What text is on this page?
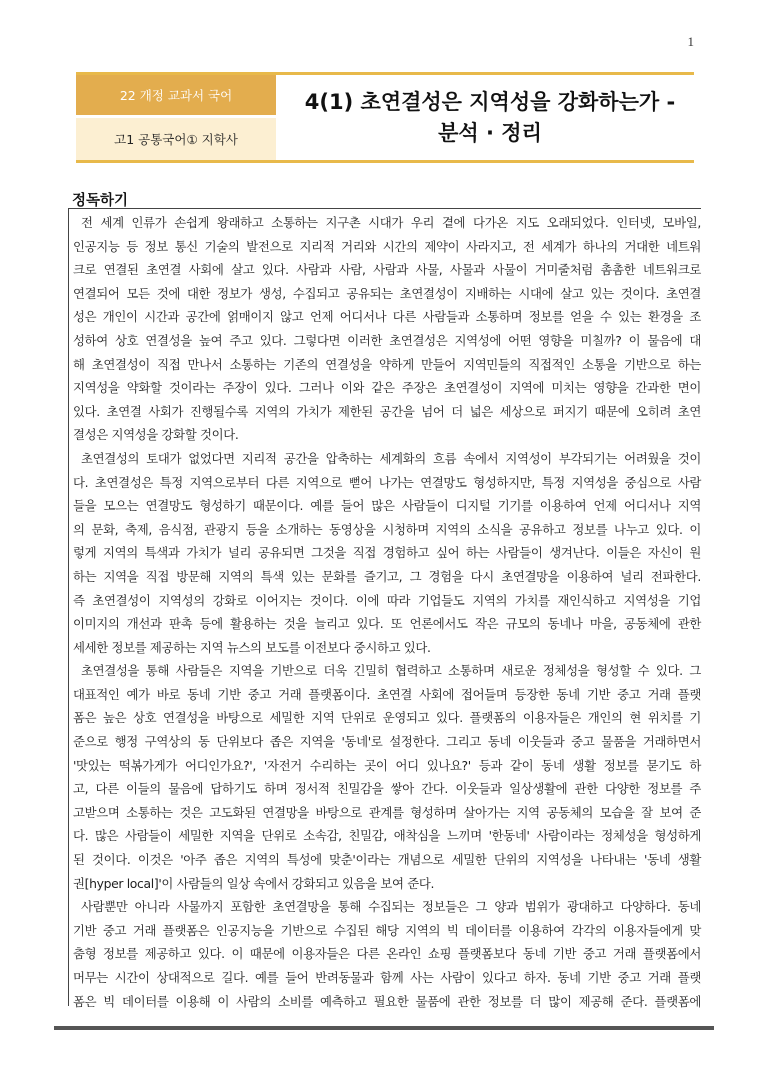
1
22 개정 교과서 국어
고1 공통국어① 지학사
4(1) 초연결성은 지역성을 강화하는가 -
분석 · 정리
정독하기
전 세계 인류가 손쉽게 왕래하고 소통하는 지구촌 시대가 우리 곁에 다가온 지도 오래되었다. 인터넷, 모바일,
인공지능 등 정보 통신 기술의 발전으로 지리적 거리와 시간의 제약이 사라지고, 전 세계가 하나의 거대한 네트워
크로 연결된 초연결 사회에 살고 있다. 사람과 사람, 사람과 사물, 사물과 사물이 거미줄처럼 촘촘한 네트워크로
연결되어 모든 것에 대한 정보가 생성, 수집되고 공유되는 초연결성이 지배하는 시대에 살고 있는 것이다. 초연결
성은 개인이 시간과 공간에 얽매이지 않고 언제 어디서나 다른 사람들과 소통하며 정보를 얻을 수 있는 환경을 조
성하여 상호 연결성을 높여 주고 있다. 그렇다면 이러한 초연결성은 지역성에 어떤 영향을 미칠까? 이 물음에 대
해 초연결성이 직접 만나서 소통하는 기존의 연결성을 약하게 만들어 지역민들의 직접적인 소통을 기반으로 하는
지역성을 약화할 것이라는 주장이 있다. 그러나 이와 같은 주장은 초연결성이 지역에 미치는 영향을 간과한 면이
있다. 초연결 사회가 진행될수록 지역의 가치가 제한된 공간을 넘어 더 넓은 세상으로 퍼지기 때문에 오히려 초연
결성은 지역성을 강화할 것이다.
초연결성의 토대가 없었다면 지리적 공간을 압축하는 세계화의 흐름 속에서 지역성이 부각되기는 어려웠을 것이
다. 초연결성은 특정 지역으로부터 다른 지역으로 뻗어 나가는 연결망도 형성하지만, 특정 지역성을 중심으로 사람
들을 모으는 연결망도 형성하기 때문이다. 예를 들어 많은 사람들이 디지털 기기를 이용하여 언제 어디서나 지역
의 문화, 축제, 음식점, 관광지 등을 소개하는 동영상을 시청하며 지역의 소식을 공유하고 정보를 나누고 있다. 이
렇게 지역의 특색과 가치가 널리 공유되면 그것을 직접 경험하고 싶어 하는 사람들이 생겨난다. 이들은 자신이 원
하는 지역을 직접 방문해 지역의 특색 있는 문화를 즐기고, 그 경험을 다시 초연결망을 이용하여 널리 전파한다.
즉 초연결성이 지역성의 강화로 이어지는 것이다. 이에 따라 기업들도 지역의 가치를 재인식하고 지역성을 기업
이미지의 개선과 판촉 등에 활용하는 것을 늘리고 있다. 또 언론에서도 작은 규모의 동네나 마을, 공동체에 관한
세세한 정보를 제공하는 지역 뉴스의 보도를 이전보다 중시하고 있다.
초연결성을 통해 사람들은 지역을 기반으로 더욱 긴밀히 협력하고 소통하며 새로운 정체성을 형성할 수 있다. 그
대표적인 예가 바로 동네 기반 중고 거래 플랫폼이다. 초연결 사회에 접어들며 등장한 동네 기반 중고 거래 플랫
폼은 높은 상호 연결성을 바탕으로 세밀한 지역 단위로 운영되고 있다. 플랫폼의 이용자들은 개인의 현 위치를 기
준으로 행정 구역상의 동 단위보다 좁은 지역을 '동네'로 설정한다. 그리고 동네 이웃들과 중고 물품을 거래하면서
'맛있는 떡볶가게가 어디인가요?', '자전거 수리하는 곳이 어디 있나요?' 등과 같이 동네 생활 정보를 묻기도 하
고, 다른 이들의 물음에 답하기도 하며 정서적 친밀감을 쌓아 간다. 이웃들과 일상생활에 관한 다양한 정보를 주
고받으며 소통하는 것은 고도화된 연결망을 바탕으로 관계를 형성하며 살아가는 지역 공동체의 모습을 잘 보여 준
다. 많은 사람들이 세밀한 지역을 단위로 소속감, 친밀감, 애착심을 느끼며 '한동네' 사람이라는 정체성을 형성하게
된 것이다. 이것은 '아주 좁은 지역의 특성에 맞춘'이라는 개념으로 세밀한 단위의 지역성을 나타내는 '동네 생활
권[hyper local]'이 사람들의 일상 속에서 강화되고 있음을 보여 준다.
사람뿐만 아니라 사물까지 포함한 초연결망을 통해 수집되는 정보들은 그 양과 범위가 광대하고 다양하다. 동네
기반 중고 거래 플랫폼은 인공지능을 기반으로 수집된 해당 지역의 빅 데이터를 이용하여 각각의 이용자들에게 맞
춤형 정보를 제공하고 있다. 이 때문에 이용자들은 다른 온라인 쇼핑 플랫폼보다 동네 기반 중고 거래 플랫폼에서
머무는 시간이 상대적으로 길다. 예를 들어 반려동물과 함께 사는 사람이 있다고 하자. 동네 기반 중고 거래 플랫
폼은 빅 데이터를 이용해 이 사람의 소비를 예측하고 필요한 물품에 관한 정보를 더 많이 제공해 준다. 플랫폼에
